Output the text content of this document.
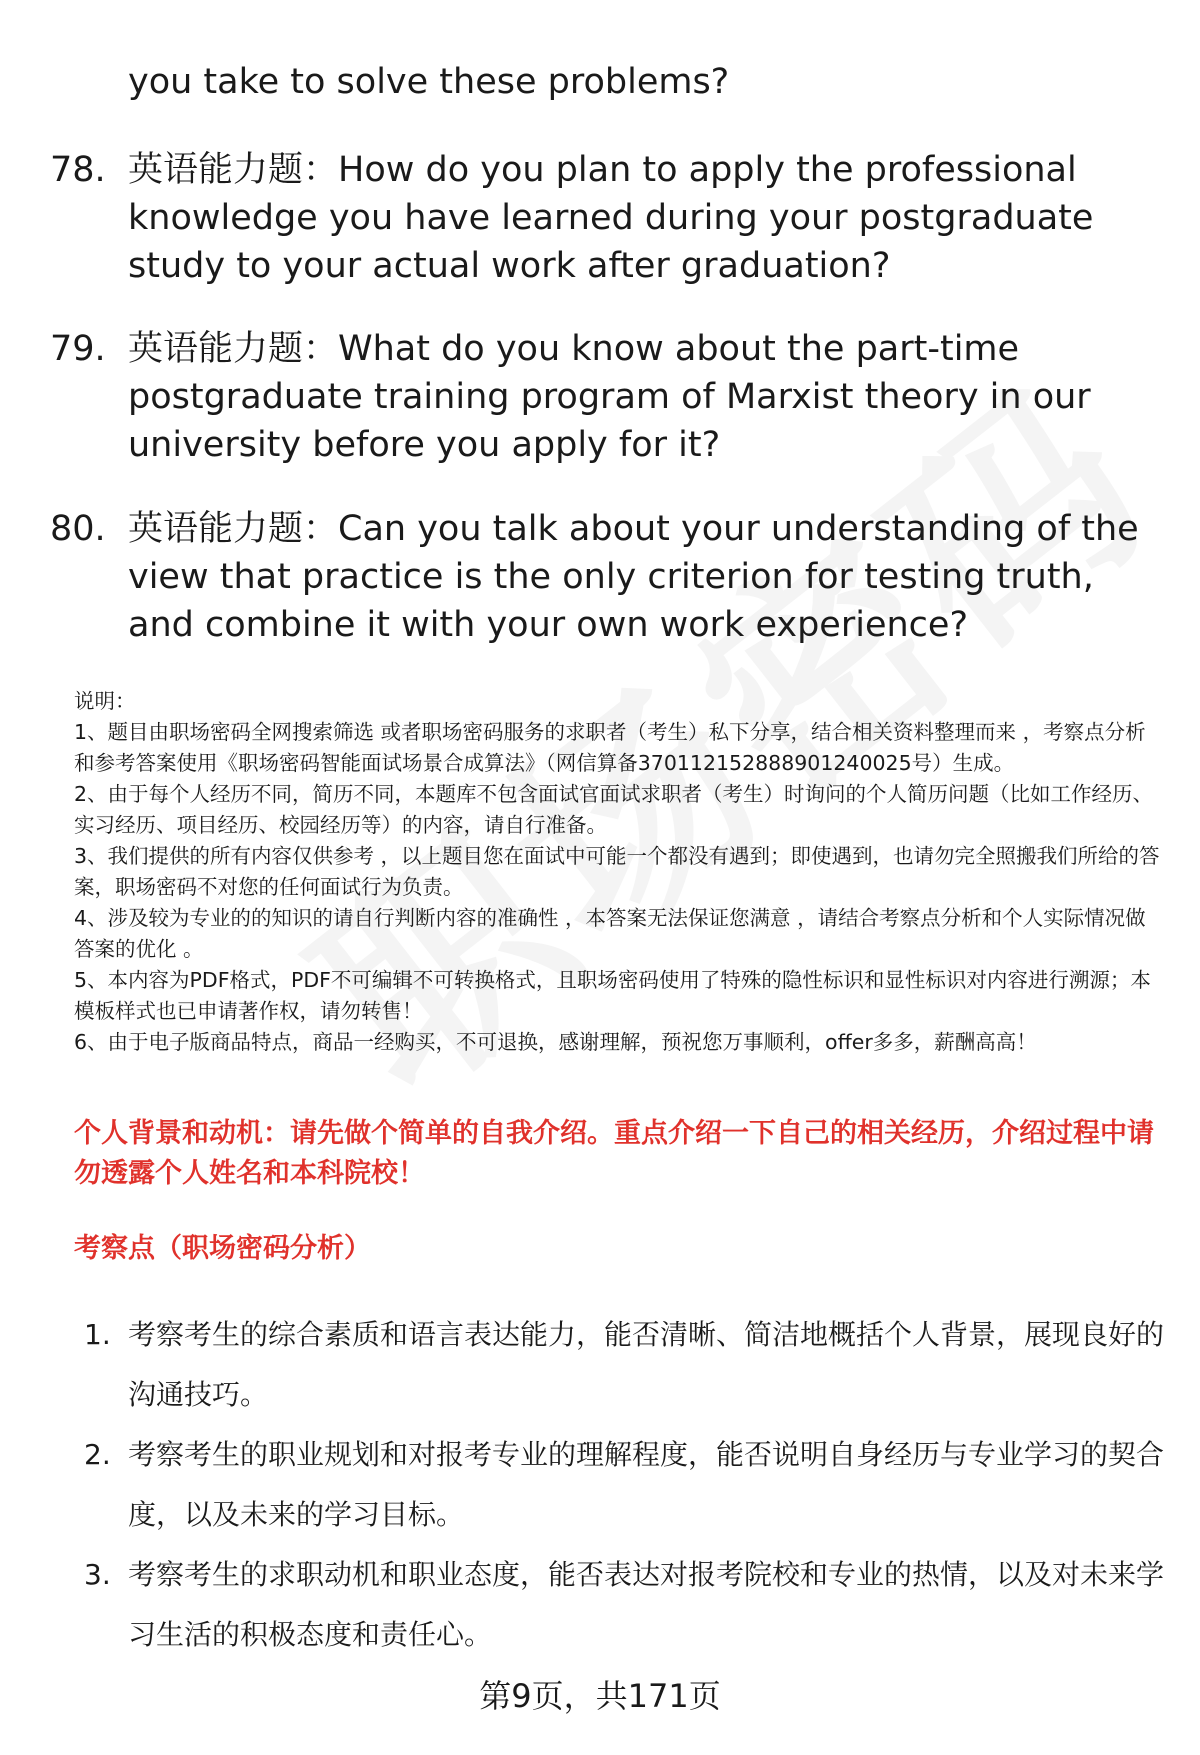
you take to solve these problems?
78. 英语能力题：How do you plan to apply the professional knowledge you have learned during your postgraduate study to your actual work after graduation?
79. 英语能力题：What do you know about the part-time postgraduate training program of Marxist theory in our university before you apply for it?
80. 英语能力题：Can you talk about your understanding of the view that practice is the only criterion for testing truth, and combine it with your own work experience?

说明：

1、题目由职场密码全网搜索筛选 或者职场密码服务的求职者（考生）私下分享，结合相关资料整理而来 ，考察点分析和参考答案使用《职场密码智能面试场景合成算法》（网信算备370112152888901240025号）生成。

2、由于每个人经历不同，简历不同，本题库不包含面试官面试求职者（考生）时询问的个人简历问题（比如工作经历、实习经历、项目经历、校园经历等）的内容，请自行准备。

3、我们提供的所有内容仅供参考 ，以上题目您在面试中可能一个都没有遇到；即使遇到，也请勿完全照搬我们所给的答案，职场密码不对您的任何面试行为负责。

4、涉及较为专业的的知识的请自行判断内容的准确性 ，本答案无法保证您满意 ，请结合考察点分析和个人实际情况做答案的优化 。

5、本内容为PDF格式，PDF不可编辑不可转换格式，且职场密码使用了特殊的隐性标识和显性标识对内容进行溯源；本模板样式也已申请著作权，请勿转售！

6、由于电子版商品特点，商品一经购买，不可退换，感谢理解，预祝您万事顺利，offer多多，薪酬高高！

个人背景和动机：请先做个简单的自我介绍。重点介绍一下自己的相关经历，介绍过程中请勿透露个人姓名和本科院校！
考察点（职场密码分析）
1. 考察考生的综合素质和语言表达能力，能否清晰、简洁地概括个人背景，展现良好的沟通技巧。
2. 考察考生的职业规划和对报考专业的理解程度，能否说明自身经历与专业学习的契合度，以及未来的学习目标。
3. 考察考生的求职动机和职业态度，能否表达对报考院校和专业的热情，以及对未来学习生活的积极态度和责任心。
第9页，共171页
